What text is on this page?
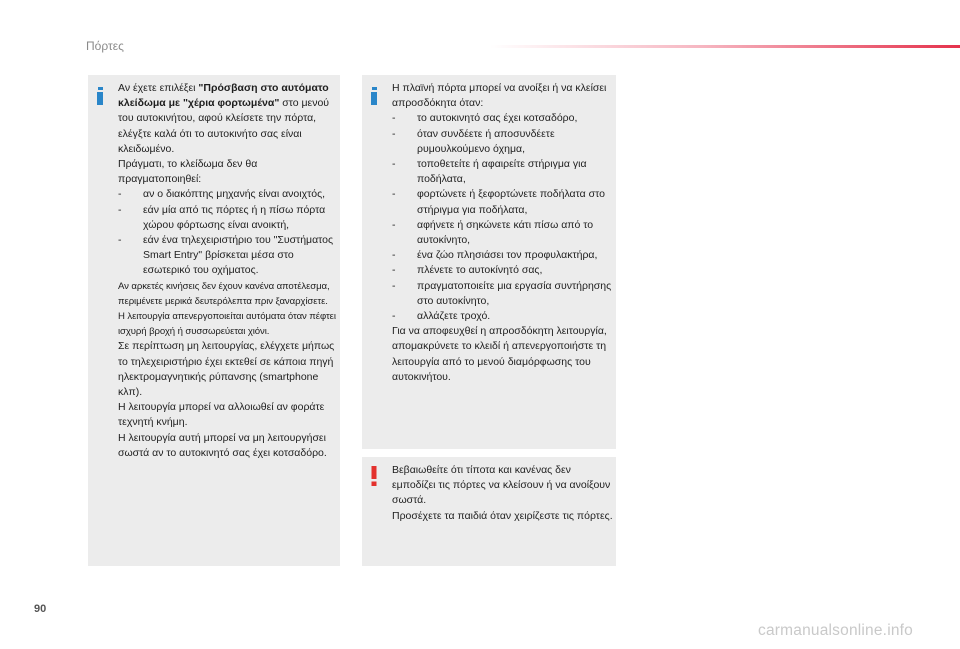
Πόρτες

Αν έχετε επιλέξει "Πρόσβαση στο αυτόματο κλείδωμα με "χέρια φορτωμένα" στο μενού του αυτοκινήτου, αφού κλείσετε την πόρτα, ελέγξτε καλά ότι το αυτοκινήτο σας είναι κλειδωμένο.

Πράγματι, το κλείδωμα δεν θα πραγματοποιηθεί:

- αν ο διακόπτης μηχανής είναι ανοιχτός,
- εάν μία από τις πόρτες ή η πίσω πόρτα χώρου φόρτωσης είναι ανοικτή,
- εάν ένα τηλεχειριστήριο του "Συστήματος Smart Entry" βρίσκεται μέσα στο εσωτερικό του οχήματος.

Αν αρκετές κινήσεις δεν έχουν κανένα αποτέλεσμα, περιμένετε μερικά δευτερόλεπτα πριν ξαναρχίσετε.

Η λειτουργία απενεργοποιείται αυτόματα όταν πέφτει ισχυρή βροχή ή συσσωρεύεται χιόνι.

Σε περίπτωση μη λειτουργίας, ελέγχετε μήπως το τηλεχειριστήριο έχει εκτεθεί σε κάποια πηγή ηλεκτρομαγνητικής ρύπανσης (smartphone κλπ).

Η λειτουργία μπορεί να αλλοιωθεί αν φοράτε τεχνητή κνήμη.

Η λειτουργία αυτή μπορεί να μη λειτουργήσει σωστά αν το αυτοκινητό σας έχει κοτσαδόρο.

Η πλαϊνή πόρτα μπορεί να ανοίξει ή να κλείσει απροσδόκητα όταν:

- το αυτοκινητό σας έχει κοτσαδόρο,
- όταν συνδέετε ή αποσυνδέετε ρυμουλκούμενο όχημα,
- τοποθετείτε ή αφαιρείτε στήριγμα για ποδήλατα,
- φορτώνετε ή ξεφορτώνετε ποδήλατα στο στήριγμα για ποδήλατα,
- αφήνετε ή σηκώνετε κάτι πίσω από το αυτοκίνητο,
- ένα ζώο πλησιάσει τον προφυλακτήρα,
- πλένετε το αυτοκίνητό σας,
- πραγματοποιείτε μια εργασία συντήρησης στο αυτοκίνητο,
- αλλάζετε τροχό.

Για να αποφευχθεί η απροσδόκητη λειτουργία, απομακρύνετε το κλειδί ή απενεργοποιήστε τη λειτουργία από το μενού διαμόρφωσης του αυτοκινήτου.

Βεβαιωθείτε ότι τίποτα και κανένας δεν εμποδίζει τις πόρτες να κλείσουν ή να ανοίξουν σωστά.

Προσέχετε τα παιδιά όταν χειρίζεστε τις πόρτες.

90
carmanualsonline.info
